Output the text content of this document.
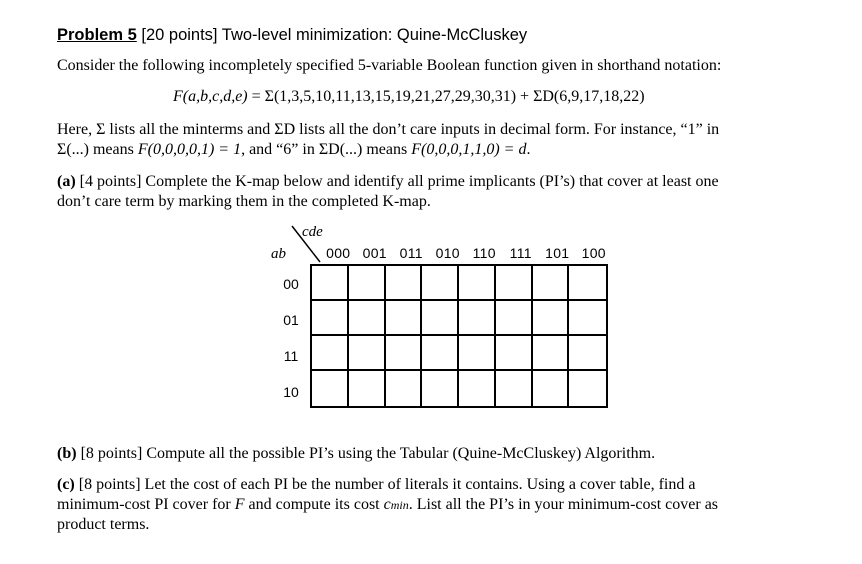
Problem 5 [20 points] Two-level minimization: Quine-McCluskey
Consider the following incompletely specified 5-variable Boolean function given in shorthand notation:
F(a,b,c,d,e) = Σ(1,3,5,10,11,13,15,19,21,27,29,30,31) + ΣD(6,9,17,18,22)
Here, Σ lists all the minterms and ΣD lists all the don’t care inputs in decimal form. For instance, “1” in
Σ(...) means F(0,0,0,0,1) = 1, and “6” in ΣD(...) means F(0,0,0,1,1,0) = d.
(a) [4 points] Complete the K-map below and identify all prime implicants (PI’s) that cover at least one
don’t care term by marking them in the completed K-map.
cde
ab	000 001 011 010 110 111 101 100
00
01
11
10
(b) [8 points] Compute all the possible PI’s using the Tabular (Quine-McCluskey) Algorithm.
(c) [8 points] Let the cost of each PI be the number of literals it contains. Using a cover table, find a
minimum-cost PI cover for F and compute its cost cmin. List all the PI’s in your minimum-cost cover as
product terms.
